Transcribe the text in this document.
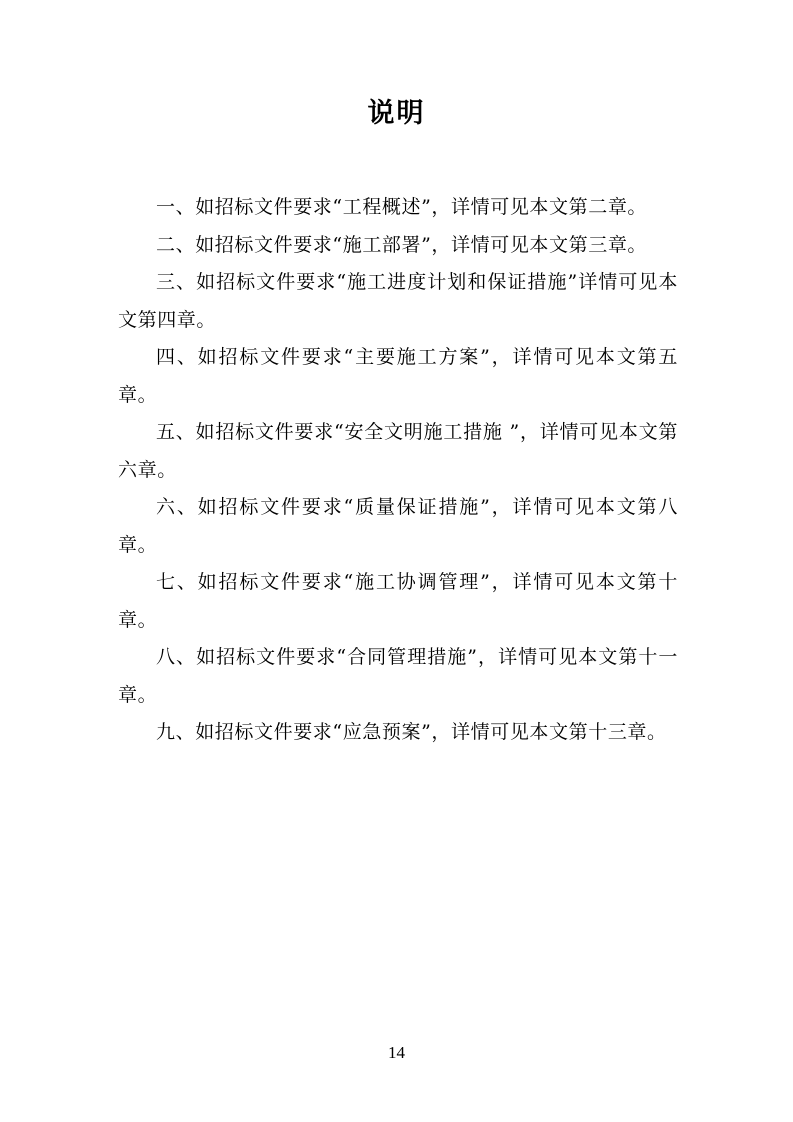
说明

一、如招标文件要求“工程概述”，详情可见本文第二章。

二、如招标文件要求“施工部署”，详情可见本文第三章。

三、如招标文件要求“施工进度计划和保证措施”详情可见本文第四章。

四、如招标文件要求“主要施工方案”，详情可见本文第五章。

五、如招标文件要求“安全文明施工措施 ”，详情可见本文第六章。

六、如招标文件要求“质量保证措施”，详情可见本文第八章。

七、如招标文件要求“施工协调管理”，详情可见本文第十章。

八、如招标文件要求“合同管理措施”，详情可见本文第十一章。

九、如招标文件要求“应急预案”，详情可见本文第十三章。

14
